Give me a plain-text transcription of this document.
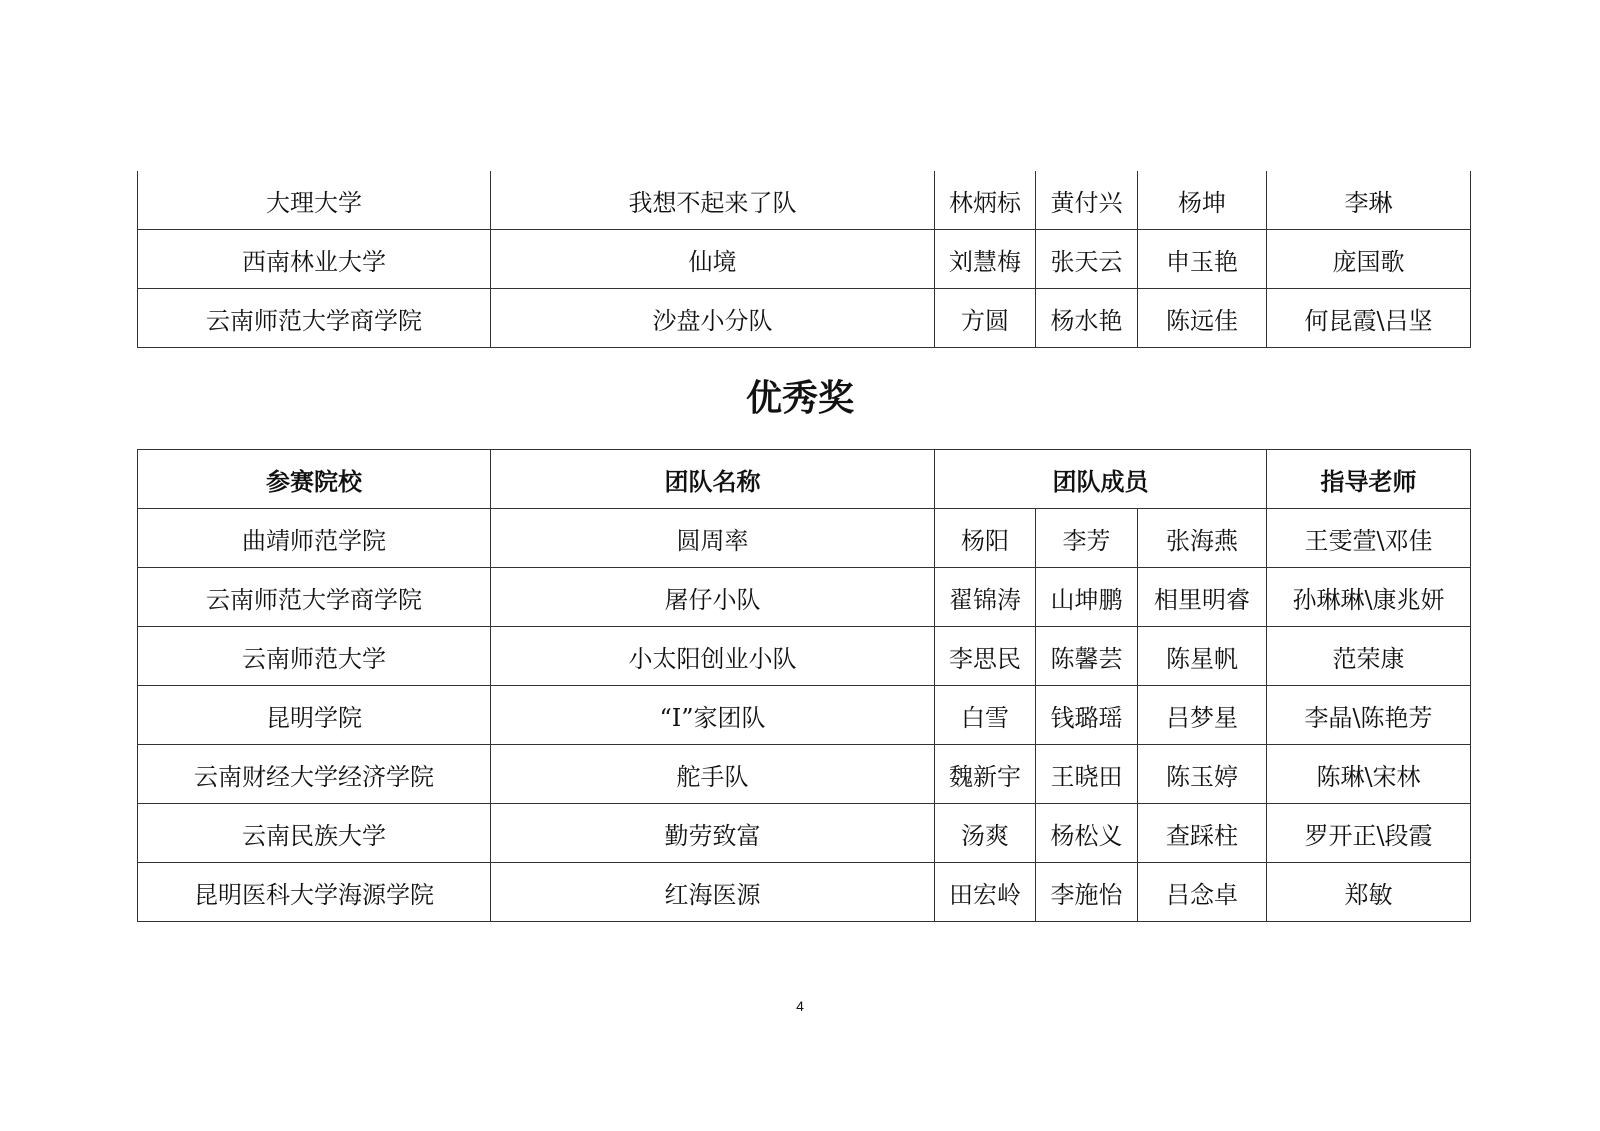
大理大学	我想不起来了队	林炳标	黄付兴	杨坤	李琳
西南林业大学	仙境	刘慧梅	张天云	申玉艳	庞国歌
云南师范大学商学院	沙盘小分队	方圆	杨水艳	陈远佳	何昆霞\吕坚
优秀奖
参赛院校	团队名称	团队成员			指导老师
曲靖师范学院	圆周率	杨阳	李芳	张海燕	王雯萱\邓佳
云南师范大学商学院	屠仔小队	翟锦涛	山坤鹏	相里明睿	孙琳琳\康兆妍
云南师范大学	小太阳创业小队	李思民	陈馨芸	陈星帆	范荣康
昆明学院	“I”家团队	白雪	钱璐瑶	吕梦星	李晶\陈艳芳
云南财经大学经济学院	舵手队	魏新宇	王晓田	陈玉婷	陈琳\宋林
云南民族大学	勤劳致富	汤爽	杨松义	查踩柱	罗开正\段霞
昆明医科大学海源学院	红海医源	田宏岭	李施怡	吕念卓	郑敏
4
